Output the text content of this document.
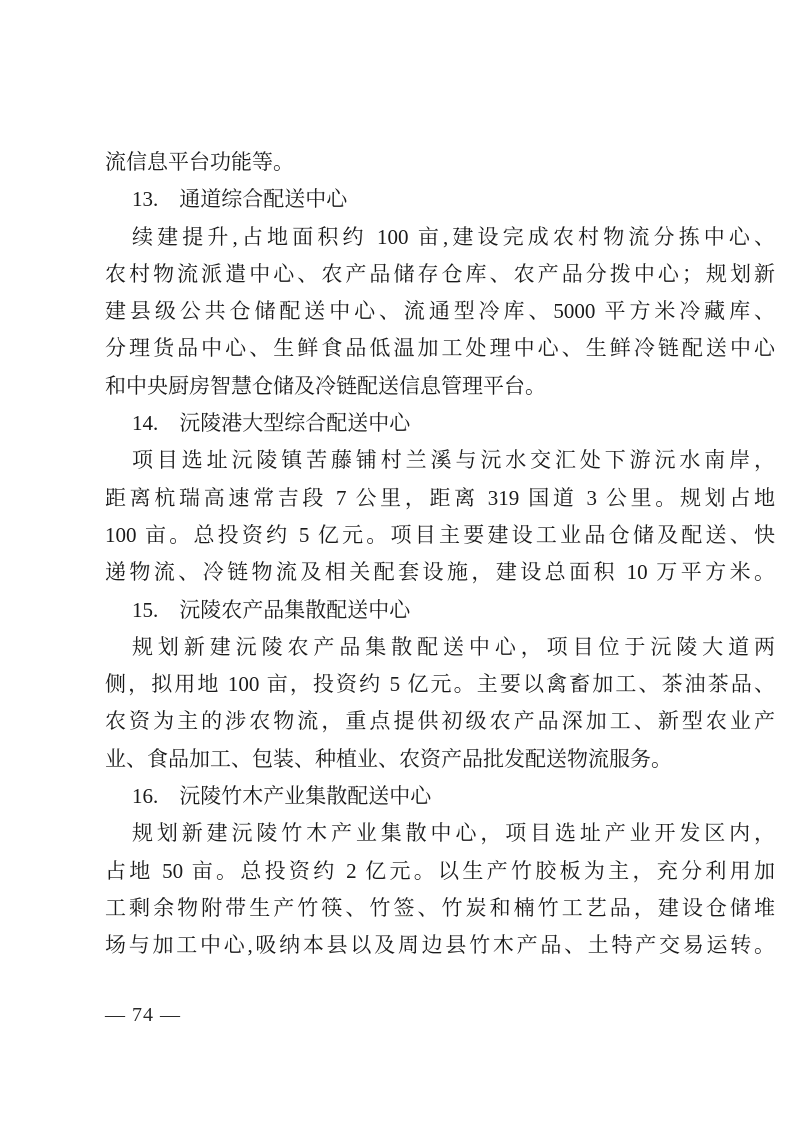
流信息平台功能等。
13.　通道综合配送中心
续建提升,占地面积约 100 亩,建设完成农村物流分拣中心、
农村物流派遣中心、农产品储存仓库、农产品分拨中心；规划新
建县级公共仓储配送中心、流通型冷库、5000 平方米冷藏库、
分理货品中心、生鲜食品低温加工处理中心、生鲜冷链配送中心
和中央厨房智慧仓储及冷链配送信息管理平台。
14.　沅陵港大型综合配送中心
项目选址沅陵镇苦藤铺村兰溪与沅水交汇处下游沅水南岸，
距离杭瑞高速常吉段 7 公里，距离 319 国道 3 公里。规划占地
100 亩。总投资约 5 亿元。项目主要建设工业品仓储及配送、快
递物流、冷链物流及相关配套设施，建设总面积 10 万平方米。
15.　沅陵农产品集散配送中心
规划新建沅陵农产品集散配送中心，项目位于沅陵大道两
侧，拟用地 100 亩，投资约 5 亿元。主要以禽畜加工、茶油茶品、
农资为主的涉农物流，重点提供初级农产品深加工、新型农业产
业、食品加工、包装、种植业、农资产品批发配送物流服务。
16.　沅陵竹木产业集散配送中心
规划新建沅陵竹木产业集散中心，项目选址产业开发区内，
占地 50 亩。总投资约 2 亿元。以生产竹胶板为主，充分利用加
工剩余物附带生产竹筷、竹签、竹炭和楠竹工艺品，建设仓储堆
场与加工中心,吸纳本县以及周边县竹木产品、土特产交易运转。
— 74 —
